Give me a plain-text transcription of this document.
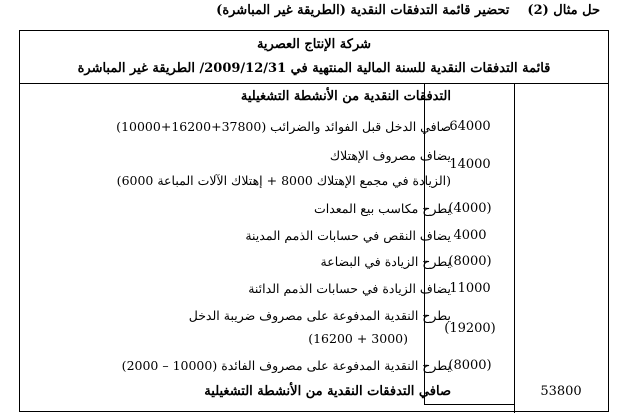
حل مثال (2)تحضير قائمة التدفقات النقدية (الطريقة غير المباشرة)
شركة الإنتاج العصرية
قائمة التدفقات النقدية للسنة المالية المنتهية في 2009/12/31/ الطريقة غير المباشرة
التدفقات النقدية من الأنشطة التشغيلية
صافي الدخل قبل الفوائد والضرائب (37800+16200+10000)
64000
يضاف مصروف الإهتلاك
14000
(الزيادة في مجمع الإهتلاك 8000 + إهتلاك الآلات المباعة 6000)
يطرح مكاسب بيع المعدات
(4000)
يضاف النقص في حسابات الذمم المدينة 4000
يطرح الزيادة في البضاعة
(8000)
يضاف الزيادة في حسابات الذمم الدائنة
11000
يطرح النقدية المدفوعة على مصروف ضريبة الدخل
(19200)
(3000 + 16200)
يطرح النقدية المدفوعة على مصروف الفائدة (10000 – 2000)
(8000)
صافي التدفقات النقدية من الأنشطة التشغيلية	53800
